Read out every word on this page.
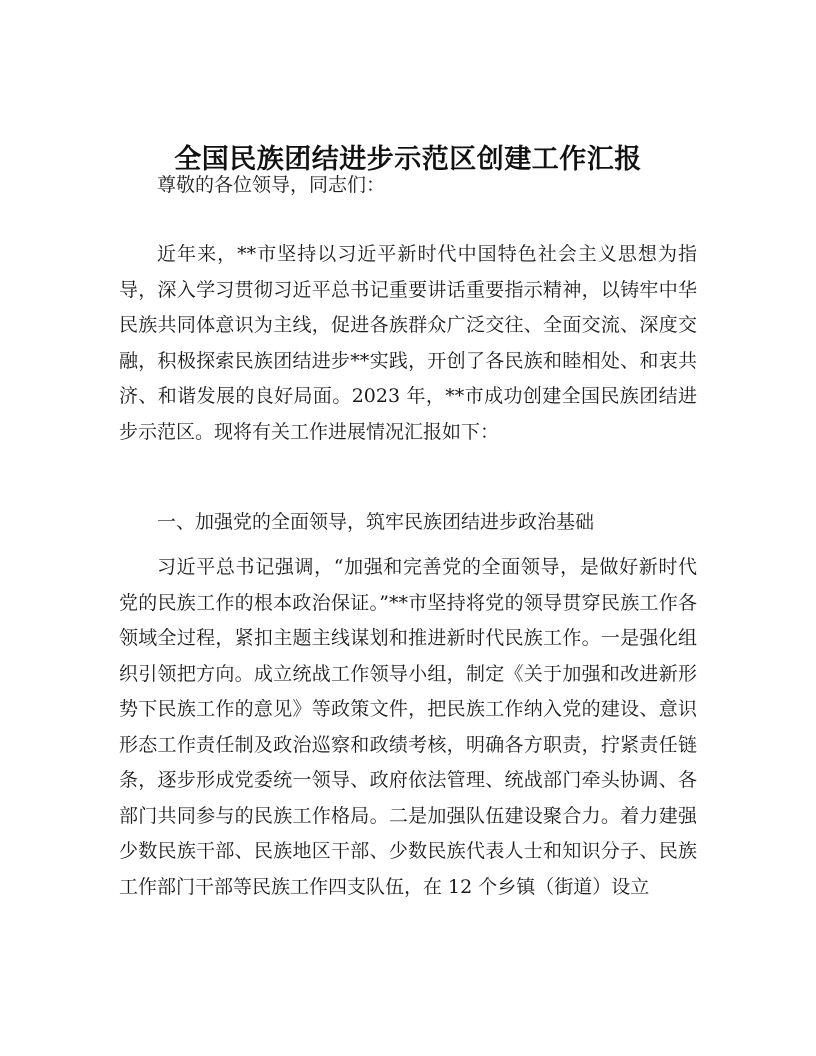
全国民族团结进步示范区创建工作汇报

尊敬的各位领导，同志们：

近年来，**市坚持以习近平新时代中国特色社会主义思想为指导，深入学习贯彻习近平总书记重要讲话重要指示精神，以铸牢中华民族共同体意识为主线，促进各族群众广泛交往、全面交流、深度交融，积极探索民族团结进步**实践，开创了各民族和睦相处、和衷共济、和谐发展的良好局面。2023 年，**市成功创建全国民族团结进步示范区。现将有关工作进展情况汇报如下：

一、加强党的全面领导，筑牢民族团结进步政治基础

习近平总书记强调，“加强和完善党的全面领导，是做好新时代党的民族工作的根本政治保证。”**市坚持将党的领导贯穿民族工作各领域全过程，紧扣主题主线谋划和推进新时代民族工作。一是强化组织引领把方向。成立统战工作领导小组，制定《关于加强和改进新形势下民族工作的意见》等政策文件，把民族工作纳入党的建设、意识形态工作责任制及政治巡察和政绩考核，明确各方职责，拧紧责任链条，逐步形成党委统一领导、政府依法管理、统战部门牵头协调、各部门共同参与的民族工作格局。二是加强队伍建设聚合力。着力建强少数民族干部、民族地区干部、少数民族代表人士和知识分子、民族工作部门干部等民族工作四支队伍，在 12 个乡镇（街道）设立
